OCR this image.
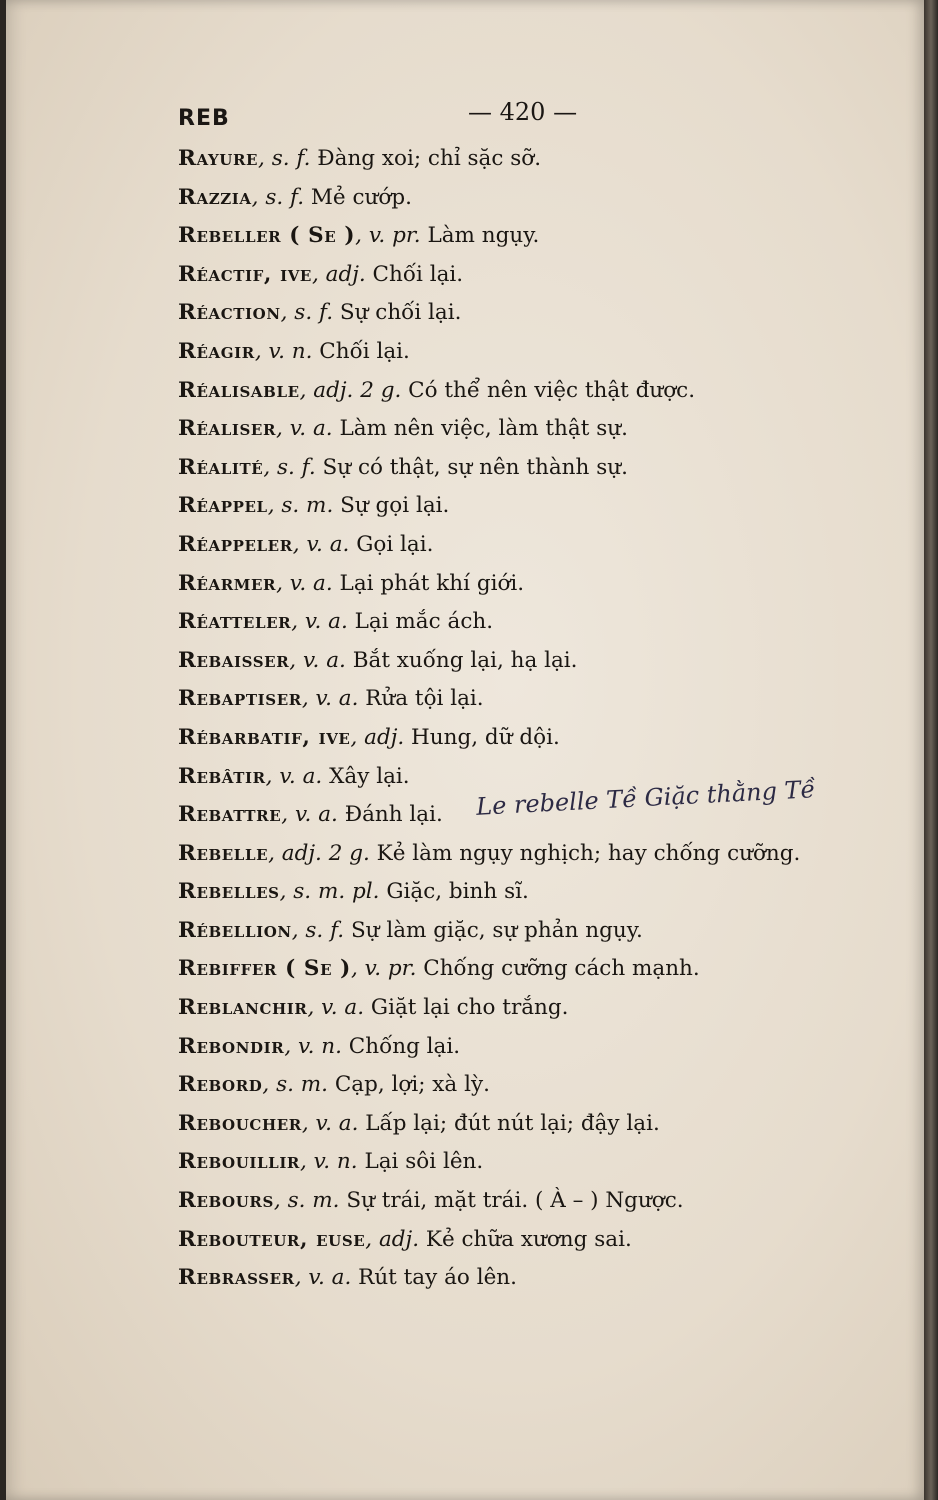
REB	— 420 —
Rayure, s. f. Đàng xoi; chỉ sặc sỡ.
Razzia, s. f. Mẻ cướp.
Rebeller ( Se ), v. pr. Làm ngụy.
Réactif, ive, adj. Chối lại.
Réaction, s. f. Sự chối lại.
Réagir, v. n. Chối lại.
Réalisable, adj. 2 g. Có thể nên việc thật được.
Réaliser, v. a. Làm nên việc, làm thật sự.
Réalité, s. f. Sự có thật, sự nên thành sự.
Réappel, s. m. Sự gọi lại.
Réappeler, v. a. Gọi lại.
Réarmer, v. a. Lại phát khí giới.
Réatteler, v. a. Lại mắc ách.
Rebaisser, v. a. Bắt xuống lại, hạ lại.
Rebaptiser, v. a. Rửa tội lại.
Rébarbatif, ive, adj. Hung, dữ dội.
Rebâtir, v. a. Xây lại.
Rebattre, v. a. Đánh lại.
Rebelle, adj. 2 g. Kẻ làm ngụy nghịch; hay chống cưỡng.
Rebelles, s. m. pl. Giặc, binh sĩ.
Rébellion, s. f. Sự làm giặc, sự phản ngụy.
Rebiffer ( Se ), v. pr. Chống cưỡng cách mạnh.
Reblanchir, v. a. Giặt lại cho trắng.
Rebondir, v. n. Chống lại.
Rebord, s. m. Cạp, lợi; xà lỳ.
Reboucher, v. a. Lấp lại; đút nút lại; đậy lại.
Rebouillir, v. n. Lại sôi lên.
Rebours, s. m. Sự trái, mặt trái. ( À – ) Ngược.
Rebouteur, euse, adj. Kẻ chữa xương sai.
Rebrasser, v. a. Rút tay áo lên.
Le rebelle Tề Giặc thằng Tề
